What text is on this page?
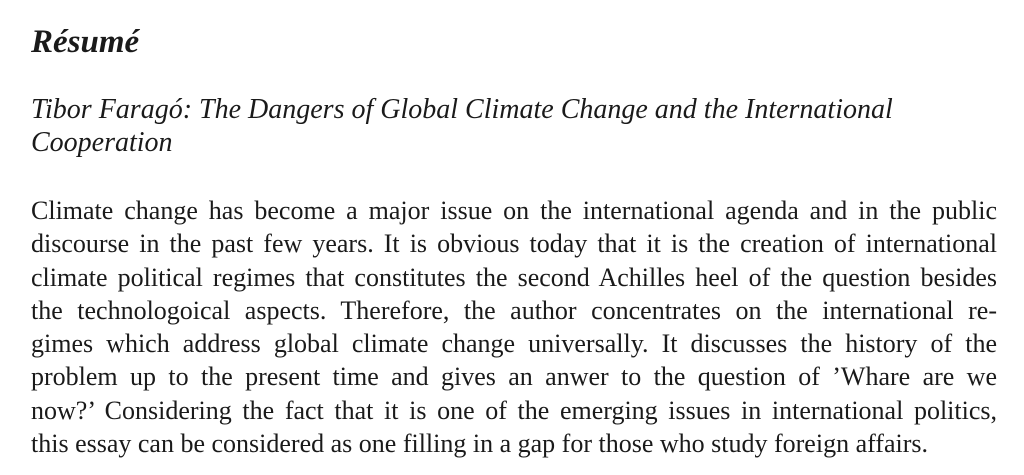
Résumé
Tibor Faragó: The Dangers of Global Climate Change and the International
Cooperation

Climate change has become a major issue on the international agenda and in the public
discourse in the past few years. It is obvious today that it is the creation of international
climate political regimes that constitutes the second Achilles heel of the question besides
the technologoical aspects. Therefore, the author concentrates on the international re-
gimes which address global climate change universally. It discusses the history of the
problem up to the present time and gives an anwer to the question of ’Whare are we
now?’ Considering the fact that it is one of the emerging issues in international politics,
this essay can be considered as one filling in a gap for those who study foreign affairs.
